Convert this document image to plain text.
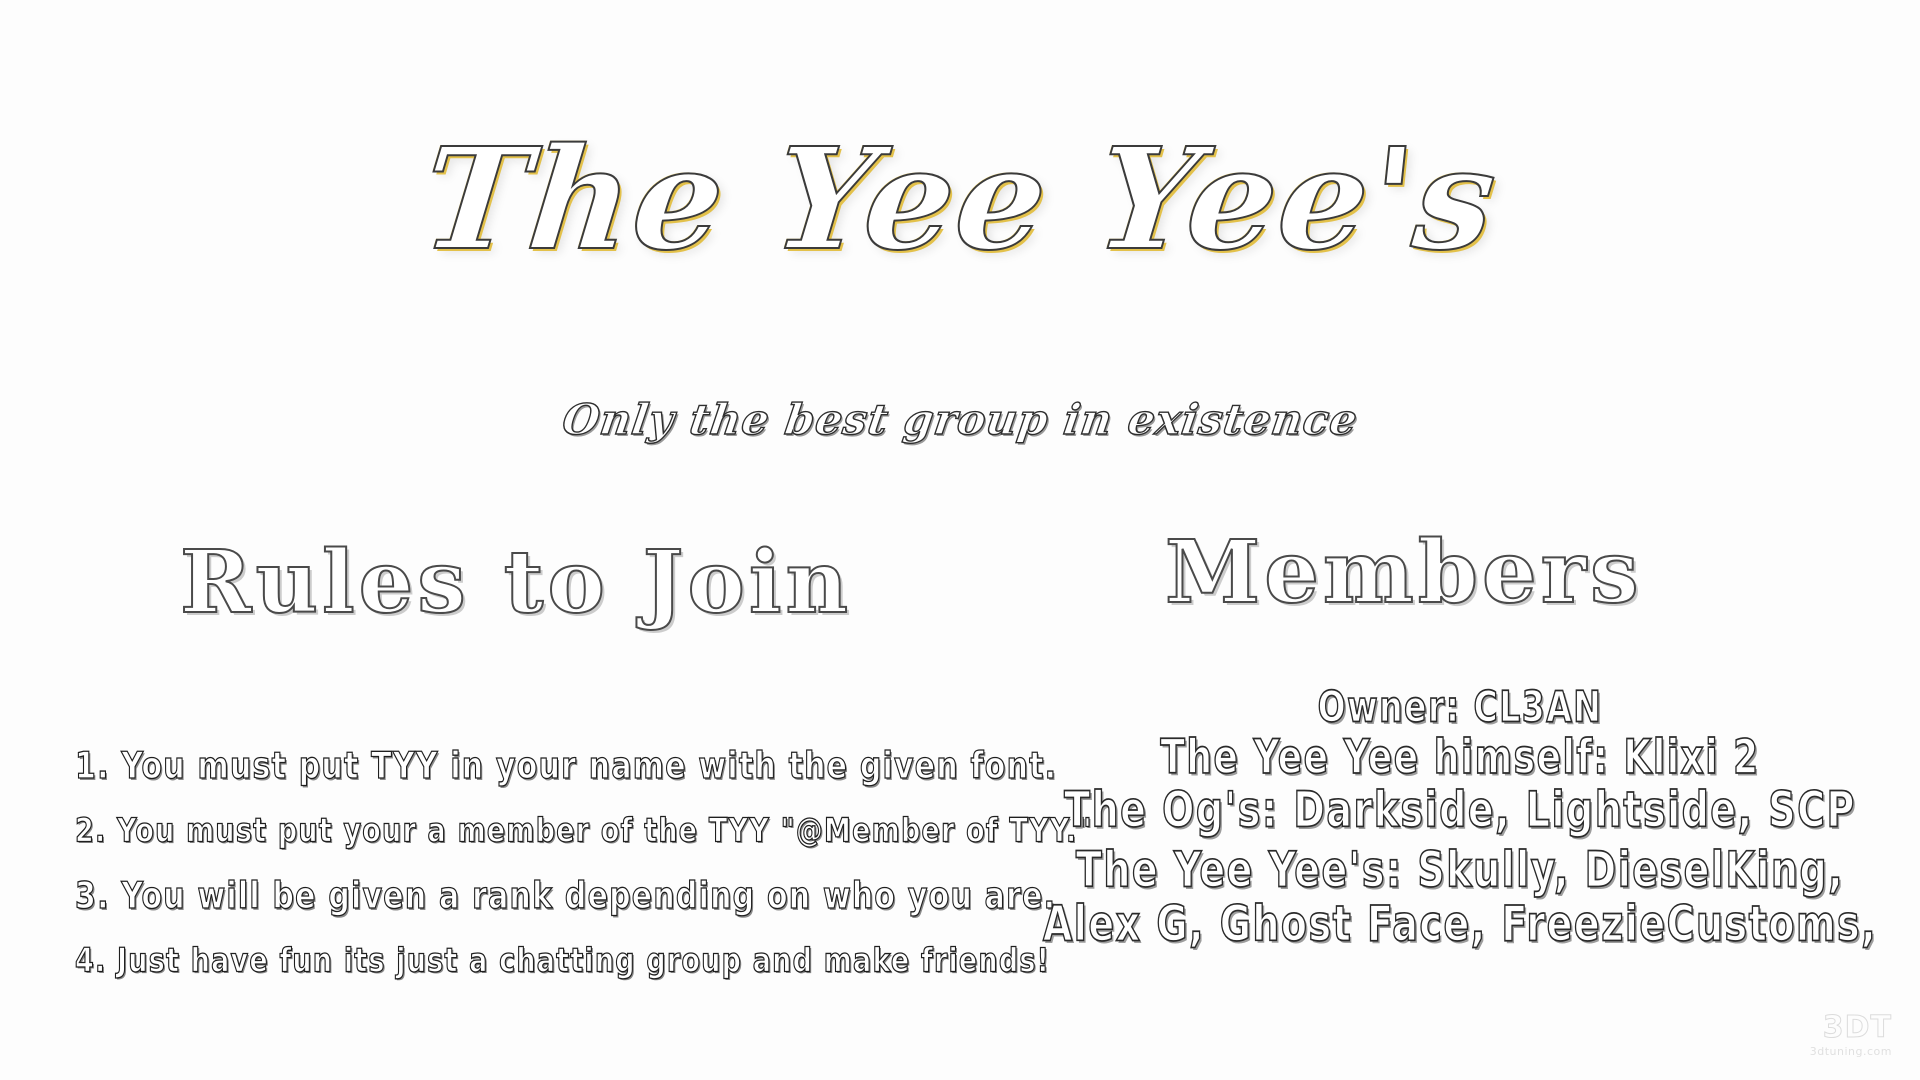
The Yee Yee's
Only the best group in existence
Rules to Join	Members
1. You must put TYY in your name with the given font.
2. You must put your a member of the TYY "@Member of TYY."
3. You will be given a rank depending on who you are.
4. Just have fun its just a chatting group and make friends!
Owner: CL3AN
The Yee Yee himself: Klixi 2
The Og's: Darkside, Lightside, SCP
The Yee Yee's: Skully, DieselKing,
Alex G, Ghost Face, FreezieCustoms,
3DT
3dtuning.com
